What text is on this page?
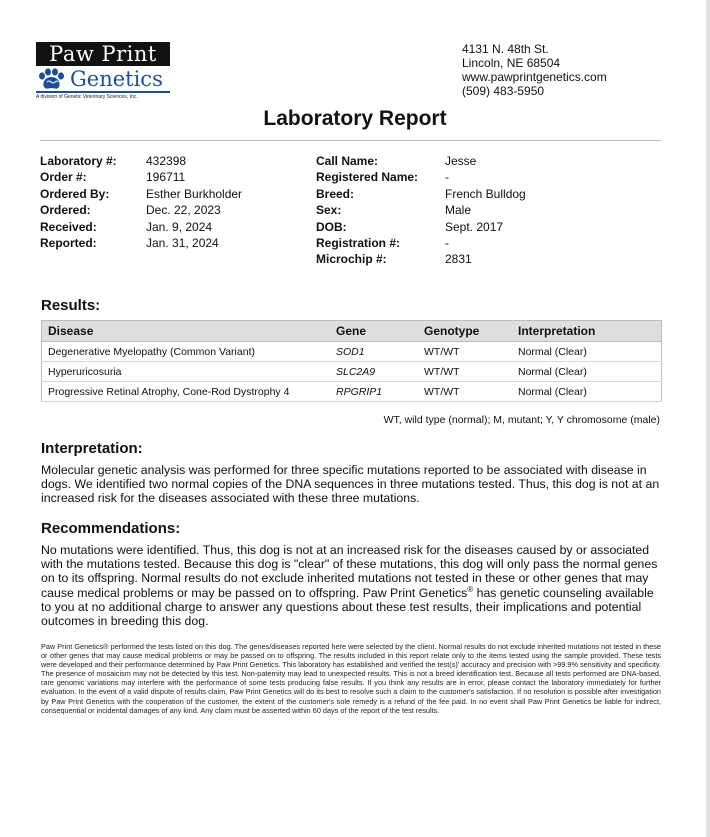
Paw Print
Genetics
A division of Genetic Veterinary Sciences, Inc.
4131 N. 48th St.
Lincoln, NE 68504
www.pawprintgenetics.com
(509) 483-5950
Laboratory Report
Laboratory #: 432398
Order #:	196711
Ordered By:	Esther Burkholder
Ordered:	Dec. 22, 2023
Received:	Jan. 9, 2024
Reported:	Jan. 31, 2024
Call Name:	Jesse
Registered Name: -
Breed:	French Bulldog
Sex:	Male
DOB:	Sept. 2017
Registration #:	-
Microchip #:	2831
Results:
Disease	Gene	Genotype	Interpretation
Degenerative Myelopathy (Common Variant)	SOD1	WT/WT	Normal (Clear)
Hyperuricosuria	SLC2A9	WT/WT	Normal (Clear)
Progressive Retinal Atrophy, Cone-Rod Dystrophy 4	RPGRIP1	WT/WT	Normal (Clear)
WT, wild type (normal); M, mutant; Y, Y chromosome (male)
Interpretation:
Molecular genetic analysis was performed for three specific mutations reported to be associated with disease in dogs. We identified two normal copies of the DNA sequences in three mutations tested. Thus, this dog is not at an increased risk for the diseases associated with these three mutations.
Recommendations:
No mutations were identified. Thus, this dog is not at an increased risk for the diseases caused by or associated with the mutations tested. Because this dog is "clear" of these mutations, this dog will only pass the normal genes on to its offspring. Normal results do not exclude inherited mutations not tested in these or other genes that may cause medical problems or may be passed on to offspring. Paw Print Genetics® has genetic counseling available to you at no additional charge to answer any questions about these test results, their implications and potential outcomes in breeding this dog.
Paw Print Genetics® performed the tests listed on this dog. The genes/diseases reported here were selected by the client. Normal results do not exclude inherited mutations not tested in these or other genes that may cause medical problems or may be passed on to offspring. The results included in this report relate only to the items tested using the sample provided. These tests were developed and their performance determined by Paw Print Genetics. This laboratory has established and verified the test(s)' accuracy and precision with >99.9% sensitivity and specificity. The presence of mosaicism may not be detected by this test. Non-paternity may lead to unexpected results. This is not a breed identification test. Because all tests performed are DNA-based, rare genomic variations may interfere with the performance of some tests producing false results. If you think any results are in error, please contact the laboratory immediately for further evaluation. In the event of a valid dispute of results claim, Paw Print Genetics will do its best to resolve such a claim to the customer's satisfaction. If no resolution is possible after investigation by Paw Print Genetics with the cooperation of the customer, the extent of the customer's sole remedy is a refund of the fee paid. In no event shall Paw Print Genetics be liable for indirect, consequential or incidental damages of any kind. Any claim must be asserted within 60 days of the report of the test results.
